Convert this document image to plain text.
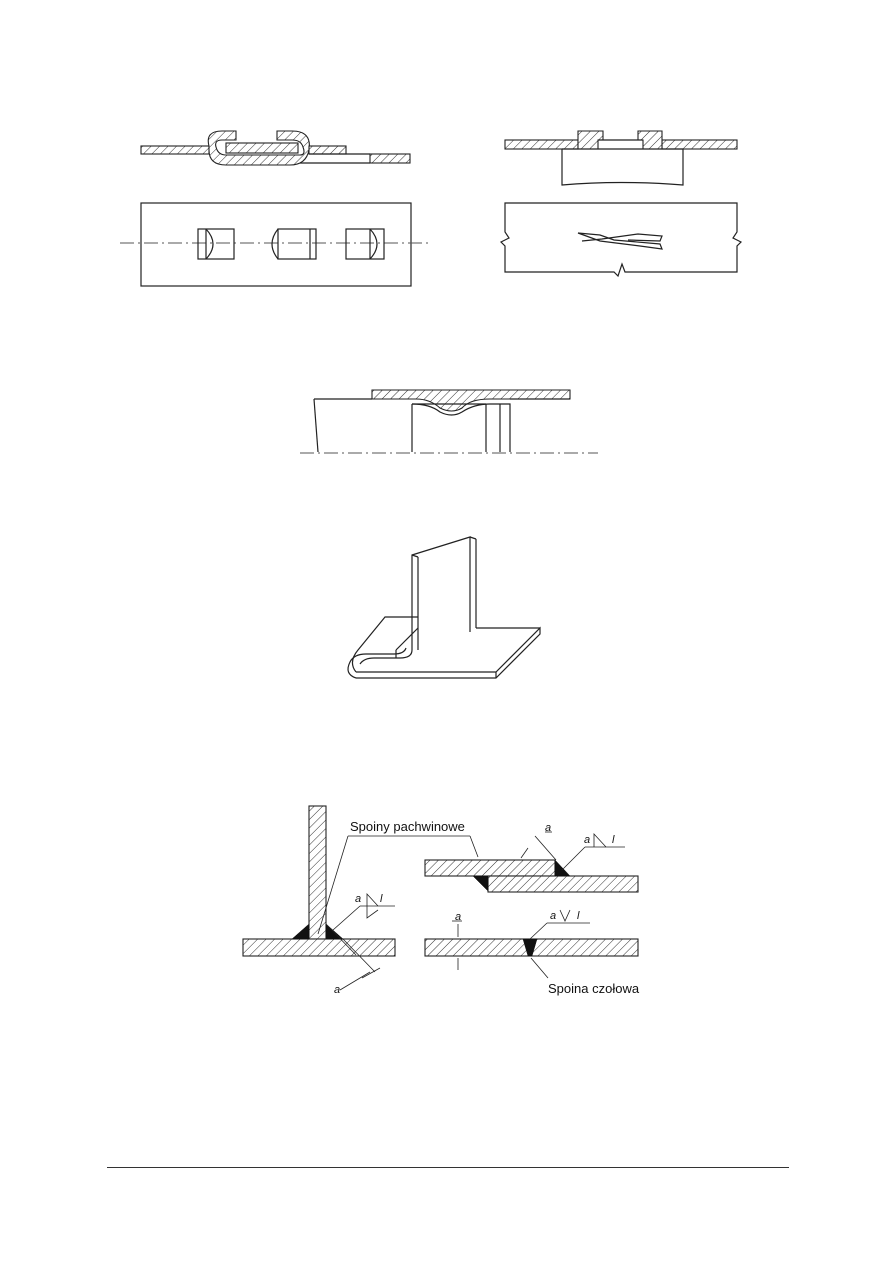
a
a l
Spoiny pachwinowe	a
a l
a	a l
Spoina czołowa
